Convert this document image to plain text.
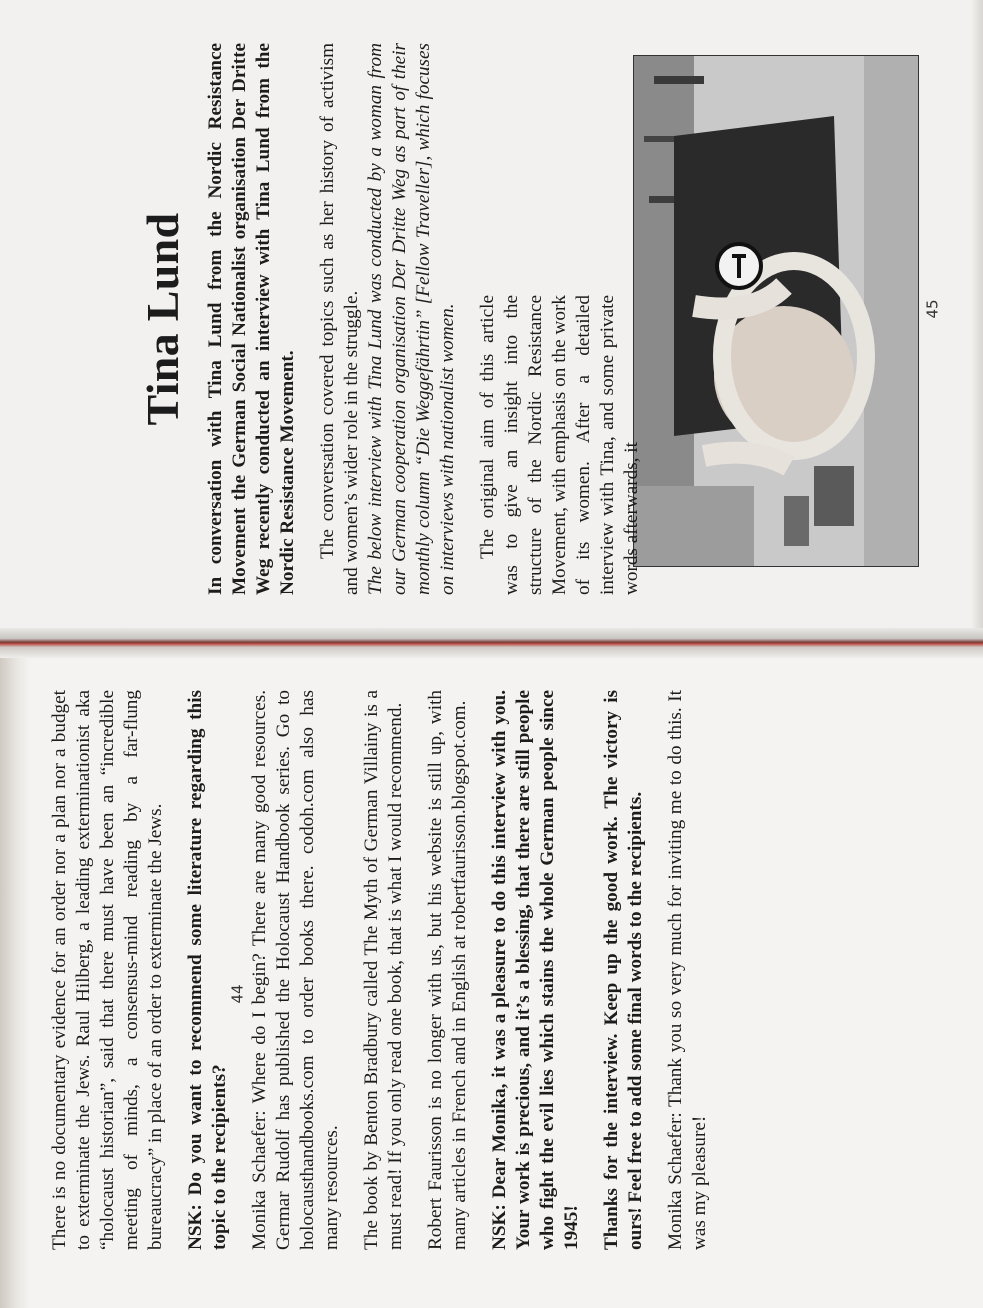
Tina Lund In conversation with Tina Lund from the Nordic Resistance Movement the German Social Nationalist organisation Der Dritte Weg recently conducted an interview with Tina Lund from the Nordic Resistance Movement. The conversation covered topics such as her history of activism and women’s wider role in the struggle. The below interview with Tina Lund was conducted by a woman from our German cooperation organisation Der Dritte Weg as part of their monthly column “Die Weggefährtin” [Fellow Traveller], which focuses on interviews with nationalist women. The original aim of this article was to give an insight into the structure of the Nordic Resistance Movement, with emphasis on the work of its women. After a detailed interview with Tina, and some private words afterwards, it

45

There is no documentary evidence for an order nor a plan nor a budget to exterminate the Jews. Raul Hilberg, a leading exterminationist aka “holocaust historian”, said that there must have been an “incredible meeting of minds, a consensus-mind reading by a far-flung bureaucracy” in place of an order to exterminate the Jews. NSK: Do you want to recommend some literature regarding this topic to the recipients? Monika Schaefer: Where do I begin? There are many good resources. Germar Rudolf has published the Holocaust Handbook series. Go to holocausthandbooks.com to order books there. codoh.com also has many resources. The book by Benton Bradbury called The Myth of German Villainy is a must read! If you only read one book, that is what I would recommend. Robert Faurisson is no longer with us, but his website is still up, with many articles in French and in English at robertfaurisson.blogspot.com. NSK: Dear Monika, it was a pleasure to do this interview with you. Your work is precious, and it’s a blessing, that there are still people who fight the evil lies which stains the whole German people since 1945! Thanks for the interview. Keep up the good work. The victory is ours! Feel free to add some final words to the recipients. Monika Schaefer: Thank you so very much for inviting me to do this. It was my pleasure!

44
